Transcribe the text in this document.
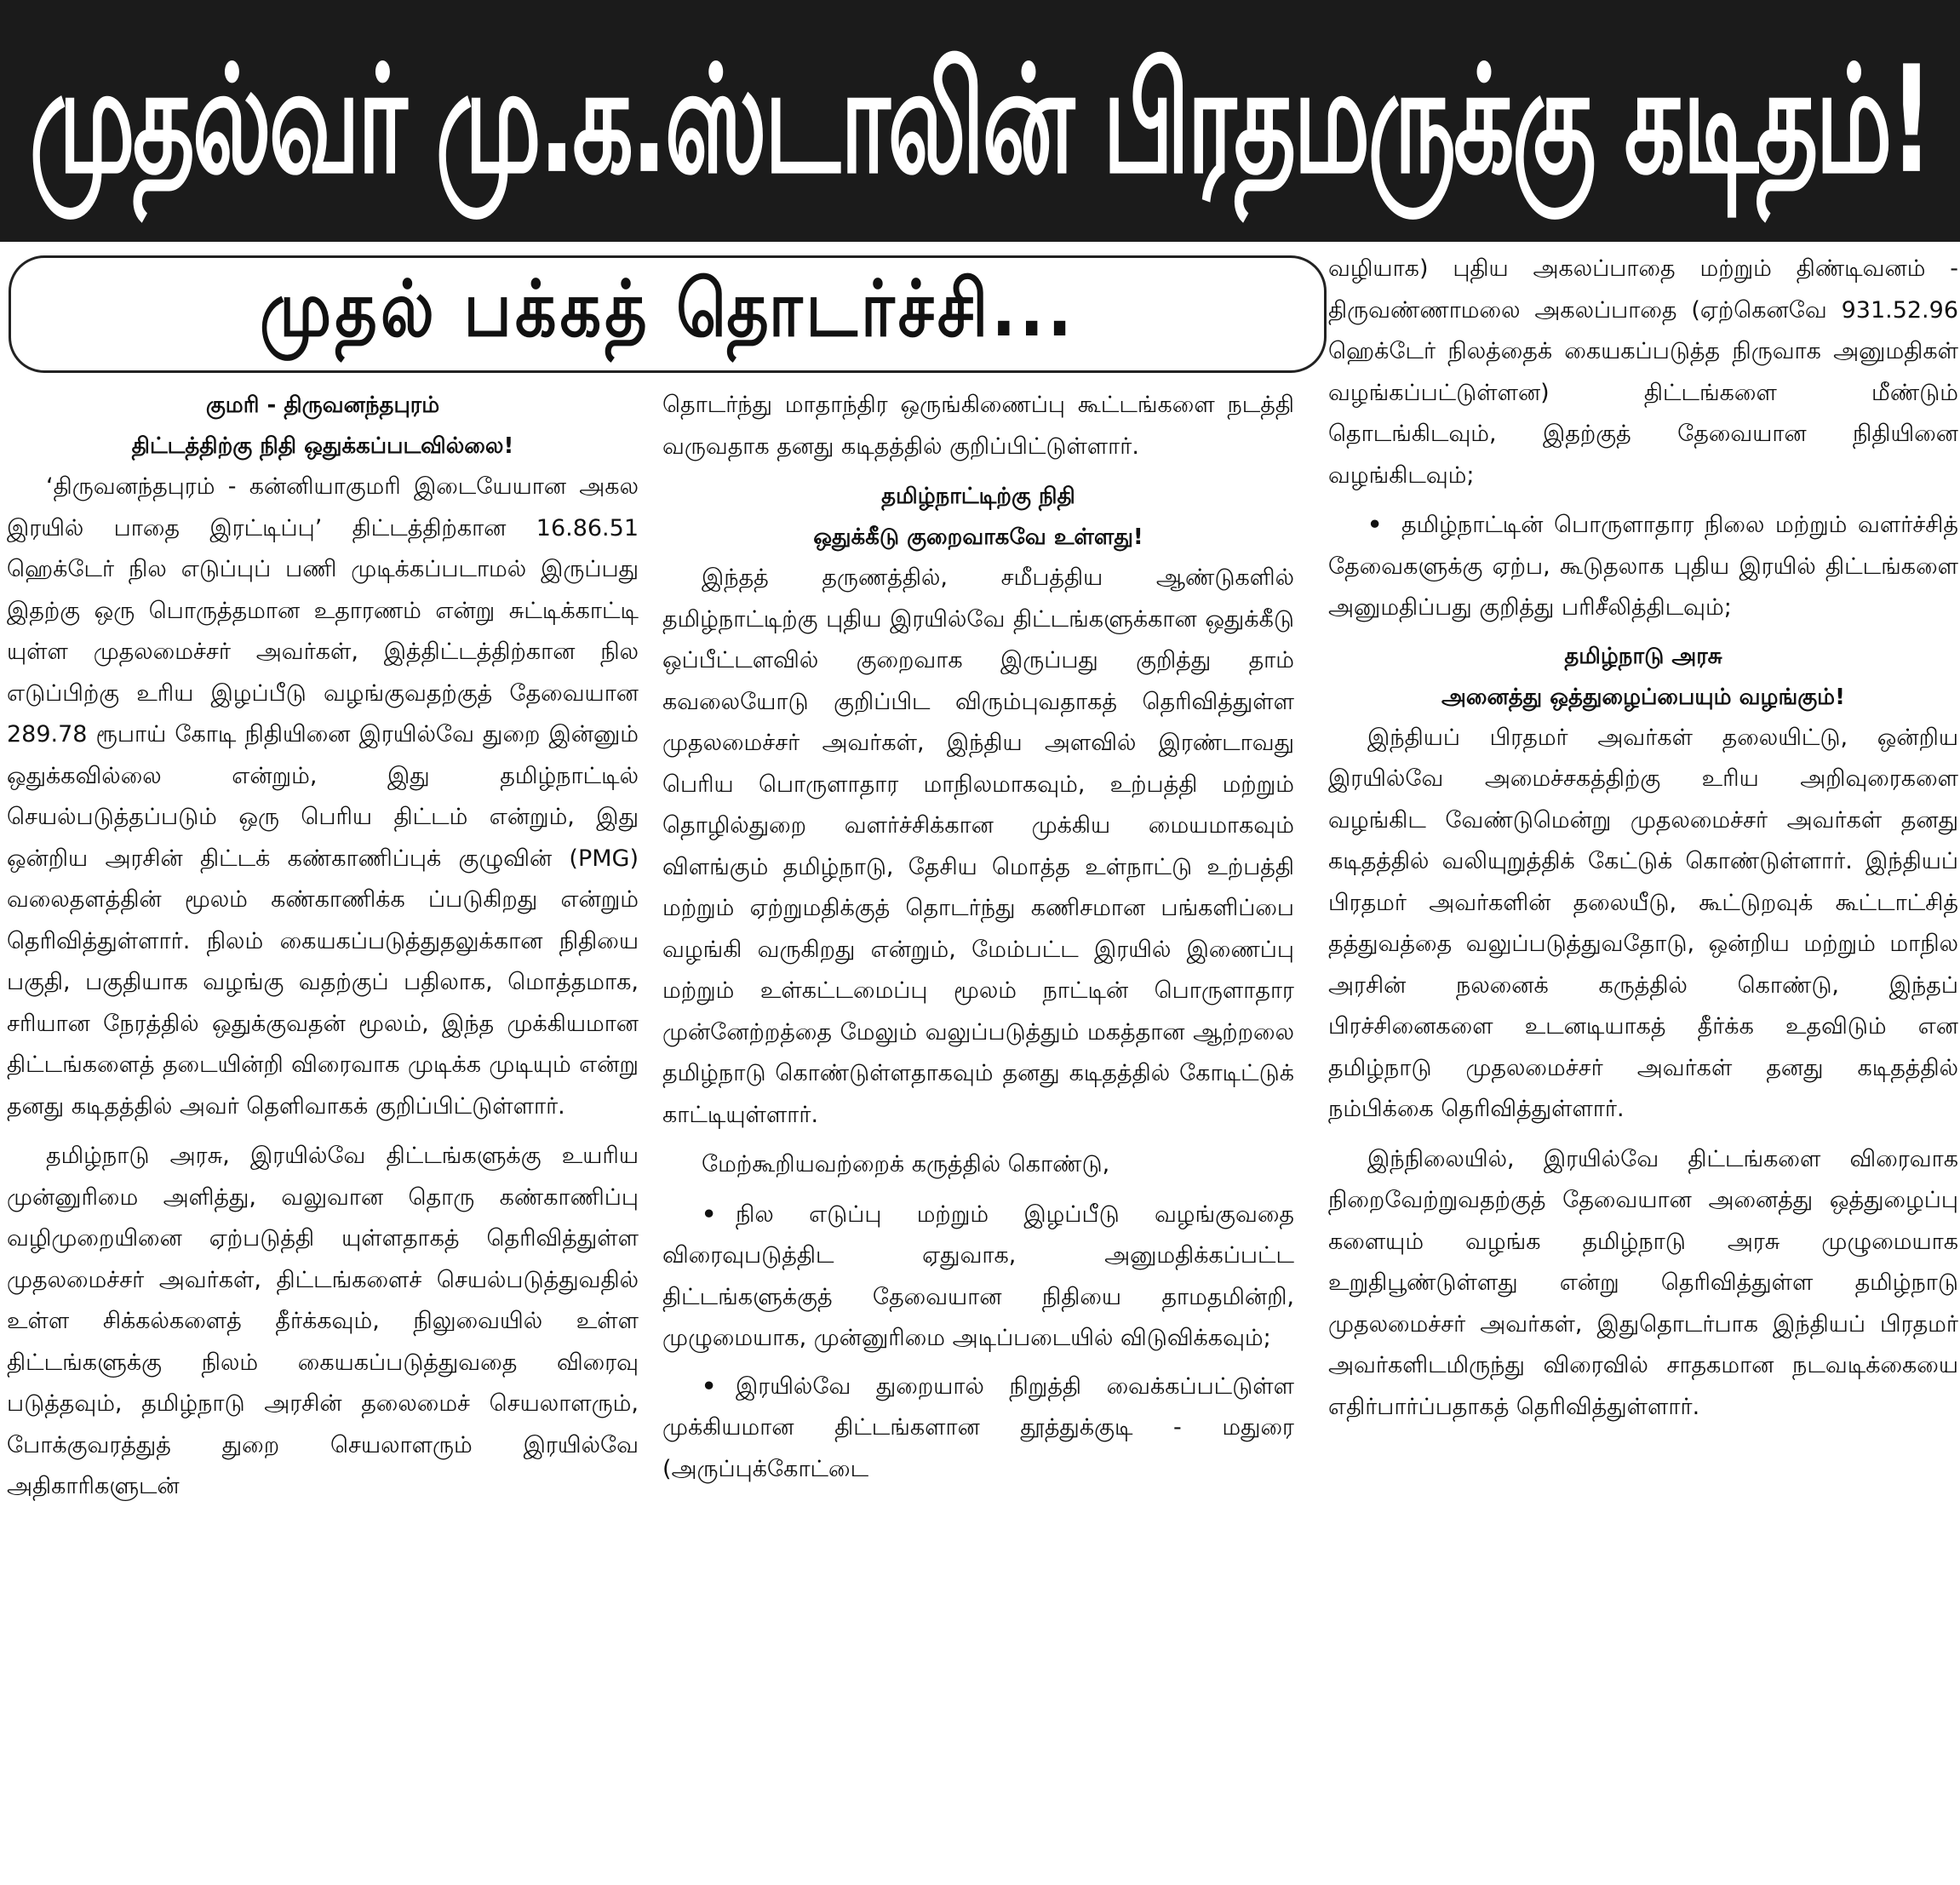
முதல்வர் மு.க.ஸ்டாலின் பிரதமருக்கு கடிதம்!
முதல் பக்கத் தொடர்ச்சி...
குமரி - திருவனந்தபுரம்
திட்டத்திற்கு நிதி ஒதுக்கப்படவில்லை!

‘திருவனந்தபுரம் - கன்னியாகுமரி இடையேயான அகல இரயில் பாதை இரட்டிப்பு’ திட்டத்திற்கான 16.86.51 ஹெக்டேர் நில எடுப்புப் பணி முடிக்கப்படாமல் இருப்பது இதற்கு ஒரு பொருத்தமான உதாரணம் என்று சுட்டிக்காட்டி யுள்ள முதலமைச்சர் அவர்கள், இத்திட்டத்திற்கான நில எடுப்பிற்கு உரிய இழப்பீடு வழங்குவதற்குத் தேவையான 289.78 ரூபாய் கோடி நிதியினை இரயில்வே துறை இன்னும் ஒதுக்கவில்லை என்றும், இது தமிழ்நாட்டில் செயல்படுத்தப்படும் ஒரு பெரிய திட்டம் என்றும், இது ஒன்றிய அரசின் திட்டக் கண்காணிப்புக் குழுவின் (PMG) வலைதளத்தின் மூலம் கண்காணிக்க ப்படுகிறது என்றும் தெரிவித்துள்ளார். நிலம் கையகப்படுத்துதலுக்கான நிதியை பகுதி, பகுதியாக வழங்கு வதற்குப் பதிலாக, மொத்தமாக, சரியான நேரத்தில் ஒதுக்குவதன் மூலம், இந்த முக்கியமான திட்டங்களைத் தடையின்றி விரைவாக முடிக்க முடியும் என்று தனது கடிதத்தில் அவர் தெளிவாகக் குறிப்பிட்டுள்ளார்.

தமிழ்நாடு அரசு, இரயில்வே திட்டங்களுக்கு உயரிய முன்னுரிமை அளித்து, வலுவான தொரு கண்காணிப்பு வழிமுறையினை ஏற்படுத்தி யுள்ளதாகத் தெரிவித்துள்ள முதலமைச்சர் அவர்கள், திட்டங்களைச் செயல்படுத்துவதில் உள்ள சிக்கல்களைத் தீர்க்கவும், நிலுவையில் உள்ள திட்டங்களுக்கு நிலம் கையகப்படுத்துவதை விரைவு படுத்தவும், தமிழ்நாடு அரசின் தலைமைச் செயலாளரும், போக்குவரத்துத் துறை செயலாளரும் இரயில்வே அதிகாரிகளுடன்

தொடர்ந்து மாதாந்திர ஒருங்கிணைப்பு கூட்டங்களை நடத்தி வருவதாக தனது கடிதத்தில் குறிப்பிட்டுள்ளார்.

தமிழ்நாட்டிற்கு நிதி
ஒதுக்கீடு குறைவாகவே உள்ளது!

இந்தத் தருணத்தில், சமீபத்திய ஆண்டுகளில் தமிழ்நாட்டிற்கு புதிய இரயில்வே திட்டங்களுக்கான ஒதுக்கீடு ஒப்பீட்டளவில் குறைவாக இருப்பது குறித்து தாம் கவலையோடு குறிப்பிட விரும்புவதாகத் தெரிவித்துள்ள முதலமைச்சர் அவர்கள், இந்திய அளவில் இரண்டாவது பெரிய பொருளாதார மாநிலமாகவும், உற்பத்தி மற்றும் தொழில்துறை வளர்ச்சிக்கான முக்கிய மையமாகவும் விளங்கும் தமிழ்நாடு, தேசிய மொத்த உள்நாட்டு உற்பத்தி மற்றும் ஏற்றுமதிக்குத் தொடர்ந்து கணிசமான பங்களிப்பை வழங்கி வருகிறது என்றும், மேம்பட்ட இரயில் இணைப்பு மற்றும் உள்கட்டமைப்பு மூலம் நாட்டின் பொருளாதார முன்னேற்றத்தை மேலும் வலுப்படுத்தும் மகத்தான ஆற்றலை தமிழ்நாடு கொண்டுள்ளதாகவும் தனது கடிதத்தில் கோடிட்டுக் காட்டியுள்ளார்.

மேற்கூறியவற்றைக் கருத்தில் கொண்டு,

• நில எடுப்பு மற்றும் இழப்பீடு வழங்குவதை விரைவுபடுத்திட ஏதுவாக, அனுமதிக்கப்பட்ட திட்டங்களுக்குத் தேவையான நிதியை தாமதமின்றி, முழுமையாக, முன்னுரிமை அடிப்படையில் விடுவிக்கவும்;
• இரயில்வே துறையால் நிறுத்தி வைக்கப்பட்டுள்ள முக்கியமான திட்டங்களான தூத்துக்குடி - மதுரை (அருப்புக்கோட்டை

வழியாக) புதிய அகலப்பாதை மற்றும் திண்டிவனம் - திருவண்ணாமலை அகலப்பாதை (ஏற்கெனவே 931.52.96 ஹெக்டேர் நிலத்தைக் கையகப்படுத்த நிருவாக அனுமதிகள் வழங்கப்பட்டுள்ளன) திட்டங்களை மீண்டும் தொடங்கிடவும், இதற்குத் தேவையான நிதியினை வழங்கிடவும்;

• தமிழ்நாட்டின் பொருளாதார நிலை மற்றும் வளர்ச்சித் தேவைகளுக்கு ஏற்ப, கூடுதலாக புதிய இரயில் திட்டங்களை அனுமதிப்பது குறித்து பரிசீலித்திடவும்;
தமிழ்நாடு அரசு
அனைத்து ஒத்துழைப்பையும் வழங்கும்!

இந்தியப் பிரதமர் அவர்கள் தலையிட்டு, ஒன்றிய இரயில்வே அமைச்சகத்திற்கு உரிய அறிவுரைகளை வழங்கிட வேண்டுமென்று முதலமைச்சர் அவர்கள் தனது கடிதத்தில் வலியுறுத்திக் கேட்டுக் கொண்டுள்ளார். இந்தியப் பிரதமர் அவர்களின் தலையீடு, கூட்டுறவுக் கூட்டாட்சித் தத்துவத்தை வலுப்படுத்துவதோடு, ஒன்றிய மற்றும் மாநில அரசின் நலனைக் கருத்தில் கொண்டு, இந்தப் பிரச்சினைகளை உடனடியாகத் தீர்க்க உதவிடும் என தமிழ்நாடு முதலமைச்சர் அவர்கள் தனது கடிதத்தில் நம்பிக்கை தெரிவித்துள்ளார்.

இந்நிலையில், இரயில்வே திட்டங்களை விரைவாக நிறைவேற்றுவதற்குத் தேவையான அனைத்து ஒத்துழைப்பு களையும் வழங்க தமிழ்நாடு அரசு முழுமையாக உறுதிபூண்டுள்ளது என்று தெரிவித்துள்ள தமிழ்நாடு முதலமைச்சர் அவர்கள், இதுதொடர்பாக இந்தியப் பிரதமர் அவர்களிடமிருந்து விரைவில் சாதகமான நடவடிக்கையை எதிர்பார்ப்பதாகத் தெரிவித்துள்ளார்.
